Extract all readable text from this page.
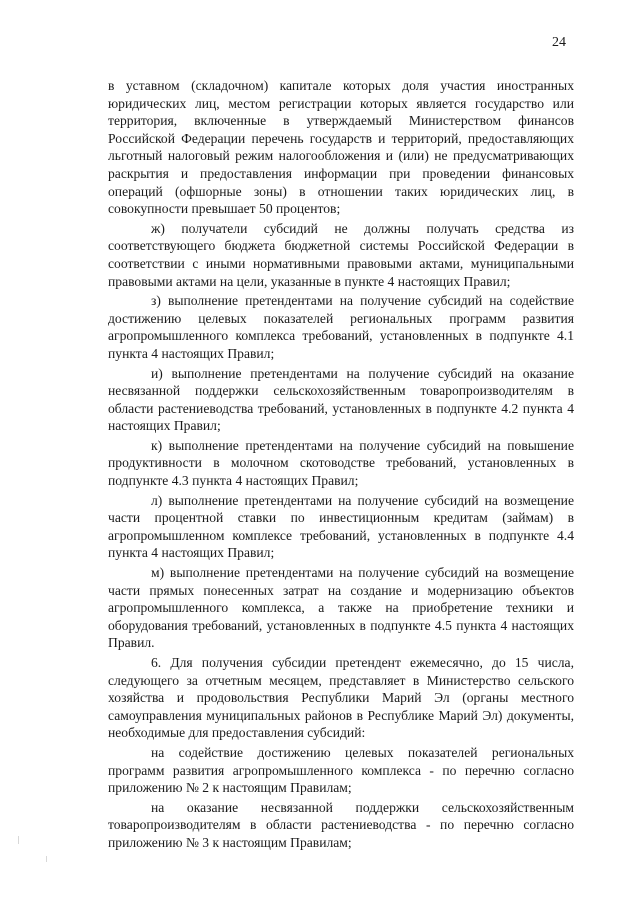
24

в уставном (складочном) капитале которых доля участия иностранных юридических лиц, местом регистрации которых является государство или территория, включенные в утверждаемый Министерством финансов Российской Федерации перечень государств и территорий, предоставляющих льготный налоговый режим налогообложения и (или) не предусматривающих раскрытия и предоставления информации при проведении финансовых операций (офшорные зоны) в отношении таких юридических лиц, в совокупности превышает 50 процентов;

ж) получатели субсидий не должны получать средства из соответствующего бюджета бюджетной системы Российской Федерации в соответствии с иными нормативными правовыми актами, муниципальными правовыми актами на цели, указанные в пункте 4 настоящих Правил;

з) выполнение претендентами на получение субсидий на содействие достижению целевых показателей региональных программ развития агропромышленного комплекса требований, установленных в подпункте 4.1 пункта 4 настоящих Правил;

и) выполнение претендентами на получение субсидий на оказание несвязанной поддержки сельскохозяйственным товаропроизводителям в области растениеводства требований, установленных в подпункте 4.2 пункта 4 настоящих Правил;

к) выполнение претендентами на получение субсидий на повышение продуктивности в молочном скотоводстве требований, установленных в подпункте 4.3 пункта 4 настоящих Правил;

л) выполнение претендентами на получение субсидий на возмещение части процентной ставки по инвестиционным кредитам (займам) в агропромышленном комплексе требований, установленных в подпункте 4.4 пункта 4 настоящих Правил;

м) выполнение претендентами на получение субсидий на возмещение части прямых понесенных затрат на создание и модернизацию объектов агропромышленного комплекса, а также на приобретение техники и оборудования требований, установленных в подпункте 4.5 пункта 4 настоящих Правил.

6. Для получения субсидии претендент ежемесячно, до 15 числа, следующего за отчетным месяцем, представляет в Министерство сельского хозяйства и продовольствия Республики Марий Эл (органы местного самоуправления муниципальных районов в Республике Марий Эл) документы, необходимые для предоставления субсидий:

на содействие достижению целевых показателей региональных программ развития агропромышленного комплекса - по перечню согласно приложению № 2 к настоящим Правилам;

на оказание несвязанной поддержки сельскохозяйственным товаропроизводителям в области растениеводства - по перечню согласно приложению № 3 к настоящим Правилам;
